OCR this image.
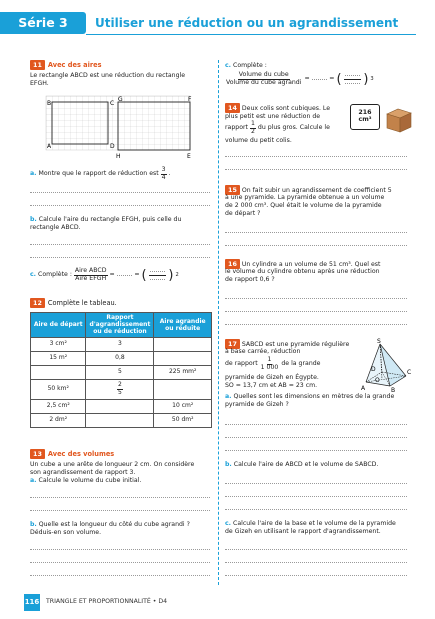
Série 3	Utiliser une réduction ou un agrandissement
11 Avec des aires
Le rectangle ABCD est une réduction du rectangle
EFGH.
B	C
G	F
A	D
H	E
a. Montre que le rapport de réduction est $\frac{3}{4}$ .
b. Calcule l'aire du rectangle EFGH, puis celle du
rectangle ABCD.
c. Complète : $\frac{\text{Aire ABCD}}{\text{Aire EFGH}}$ = ........ = ( $\frac{........}{........}$ ) 2
12 Complète le tableau.
Aire de départ	Rapport d'agrandissement ou de réduction	Aire agrandie ou réduite
3 cm²	3	
15 m²	0,8	
	5	225 mm²
50 km²	$\frac{2}{5}$

2,5 cm²		10 cm²
2 dm²		50 dm²
13 Avec des volumes
Un cube a une arête de longueur 2 cm. On considère
son agrandissement de rapport 3.
a. Calcule le volume du cube initial.
b. Quelle est la longueur du côté du cube agrandi ?
Déduis-en son volume.
c. Complète :
$\frac{\text{Volume du cube}}{\text{Volume du cube agrandi}}$ = ........ = ( $\frac{........}{........}$ ) 3
14 Deux colis sont cubiques. Le
plus petit est une réduction de
rapport $\frac{1}{2}$ du plus gros. Calcule le
volume du petit colis.
216
cm³
15 On fait subir un agrandissement de coefficient 5
à une pyramide. La pyramide obtenue a un volume
de 2 000 cm³. Quel était le volume de la pyramide
de départ ?
16 Un cylindre a un volume de 51 cm³. Quel est
le volume du cylindre obtenu après une réduction
de rapport 0,6 ?
17 SABCD est une pyramide régulière
à base carrée, réduction
de rapport $\frac{1}{1 000}$ de la grande
pyramide de Gizeh en Égypte.
SO = 13,7 cm et AB = 23 cm.
S
D	C
O
A	B
a. Quelles sont les dimensions en mètres de la grande
pyramide de Gizeh ?
b. Calcule l'aire de ABCD et le volume de SABCD.
c. Calcule l'aire de la base et le volume de la pyramide
de Gizeh en utilisant le rapport d'agrandissement.
116 TRIANGLE ET PROPORTIONNALITÉ • D4
